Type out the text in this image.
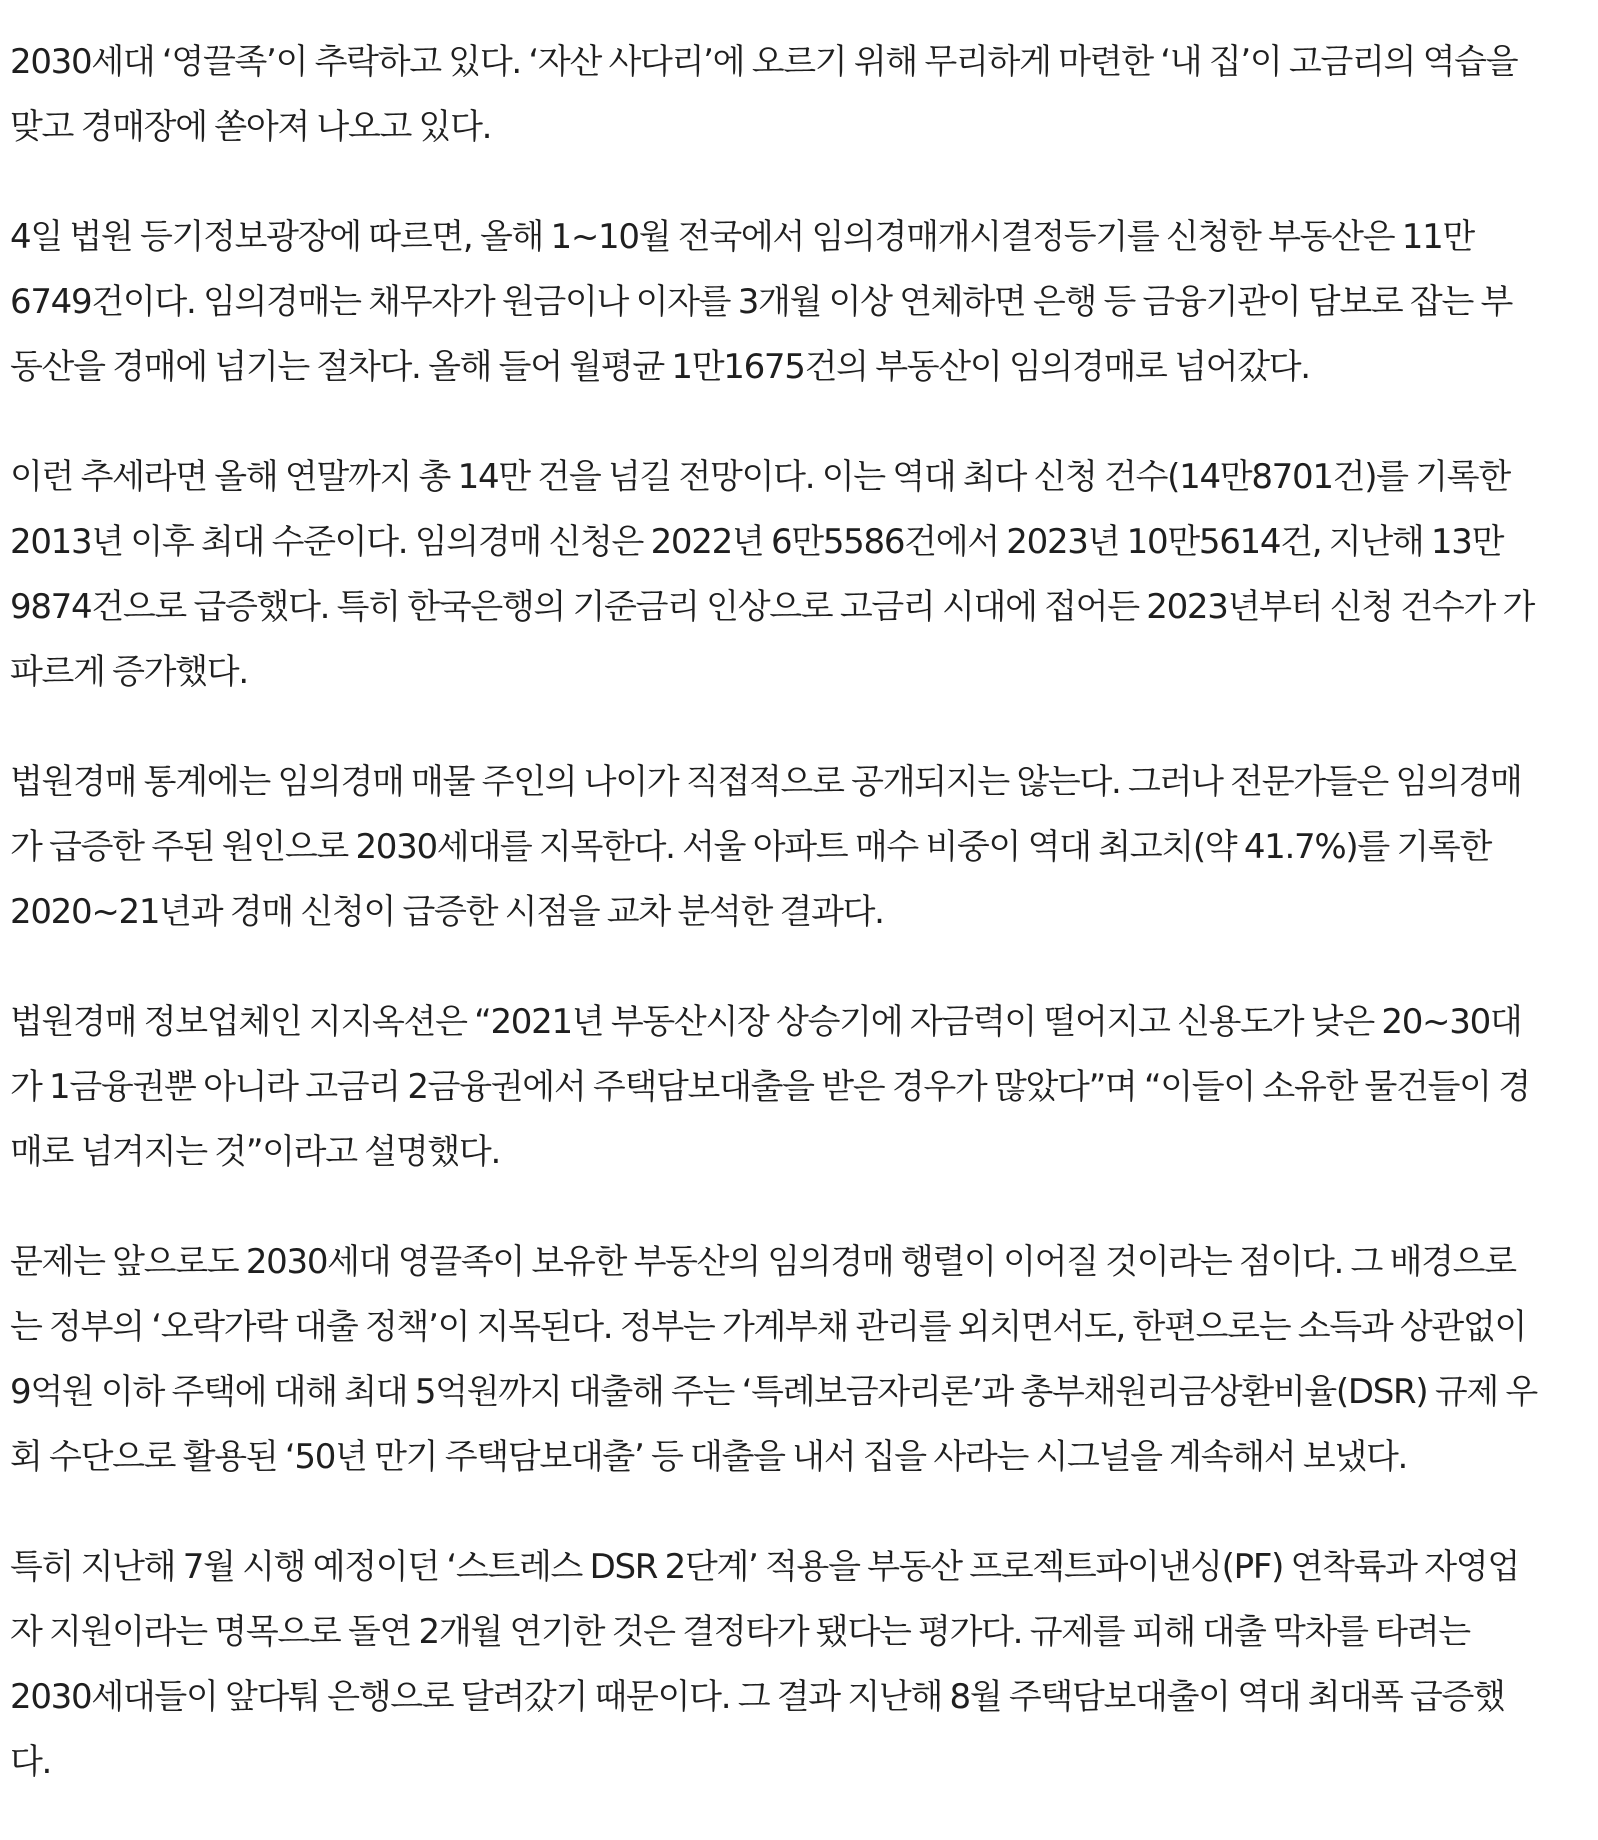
2030세대 ‘영끌족’이 추락하고 있다. ‘자산 사다리’에 오르기 위해 무리하게 마련한 ‘내 집’이 고금리의 역습을
맞고 경매장에 쏟아져 나오고 있다.

4일 법원 등기정보광장에 따르면, 올해 1~10월 전국에서 임의경매개시결정등기를 신청한 부동산은 11만
6749건이다. 임의경매는 채무자가 원금이나 이자를 3개월 이상 연체하면 은행 등 금융기관이 담보로 잡는 부
동산을 경매에 넘기는 절차다. 올해 들어 월평균 1만1675건의 부동산이 임의경매로 넘어갔다.

이런 추세라면 올해 연말까지 총 14만 건을 넘길 전망이다. 이는 역대 최다 신청 건수(14만8701건)를 기록한
2013년 이후 최대 수준이다. 임의경매 신청은 2022년 6만5586건에서 2023년 10만5614건, 지난해 13만
9874건으로 급증했다. 특히 한국은행의 기준금리 인상으로 고금리 시대에 접어든 2023년부터 신청 건수가 가
파르게 증가했다.

법원경매 통계에는 임의경매 매물 주인의 나이가 직접적으로 공개되지는 않는다. 그러나 전문가들은 임의경매
가 급증한 주된 원인으로 2030세대를 지목한다. 서울 아파트 매수 비중이 역대 최고치(약 41.7%)를 기록한
2020~21년과 경매 신청이 급증한 시점을 교차 분석한 결과다.

법원경매 정보업체인 지지옥션은 “2021년 부동산시장 상승기에 자금력이 떨어지고 신용도가 낮은 20~30대
가 1금융권뿐 아니라 고금리 2금융권에서 주택담보대출을 받은 경우가 많았다”며 “이들이 소유한 물건들이 경
매로 넘겨지는 것”이라고 설명했다.

문제는 앞으로도 2030세대 영끌족이 보유한 부동산의 임의경매 행렬이 이어질 것이라는 점이다. 그 배경으로
는 정부의 ‘오락가락 대출 정책’이 지목된다. 정부는 가계부채 관리를 외치면서도, 한편으로는 소득과 상관없이
9억원 이하 주택에 대해 최대 5억원까지 대출해 주는 ‘특례보금자리론’과 총부채원리금상환비율(DSR) 규제 우
회 수단으로 활용된 ‘50년 만기 주택담보대출’ 등 대출을 내서 집을 사라는 시그널을 계속해서 보냈다.

특히 지난해 7월 시행 예정이던 ‘스트레스 DSR 2단계’ 적용을 부동산 프로젝트파이낸싱(PF) 연착륙과 자영업
자 지원이라는 명목으로 돌연 2개월 연기한 것은 결정타가 됐다는 평가다. 규제를 피해 대출 막차를 타려는
2030세대들이 앞다퉈 은행으로 달려갔기 때문이다. 그 결과 지난해 8월 주택담보대출이 역대 최대폭 급증했
다.
